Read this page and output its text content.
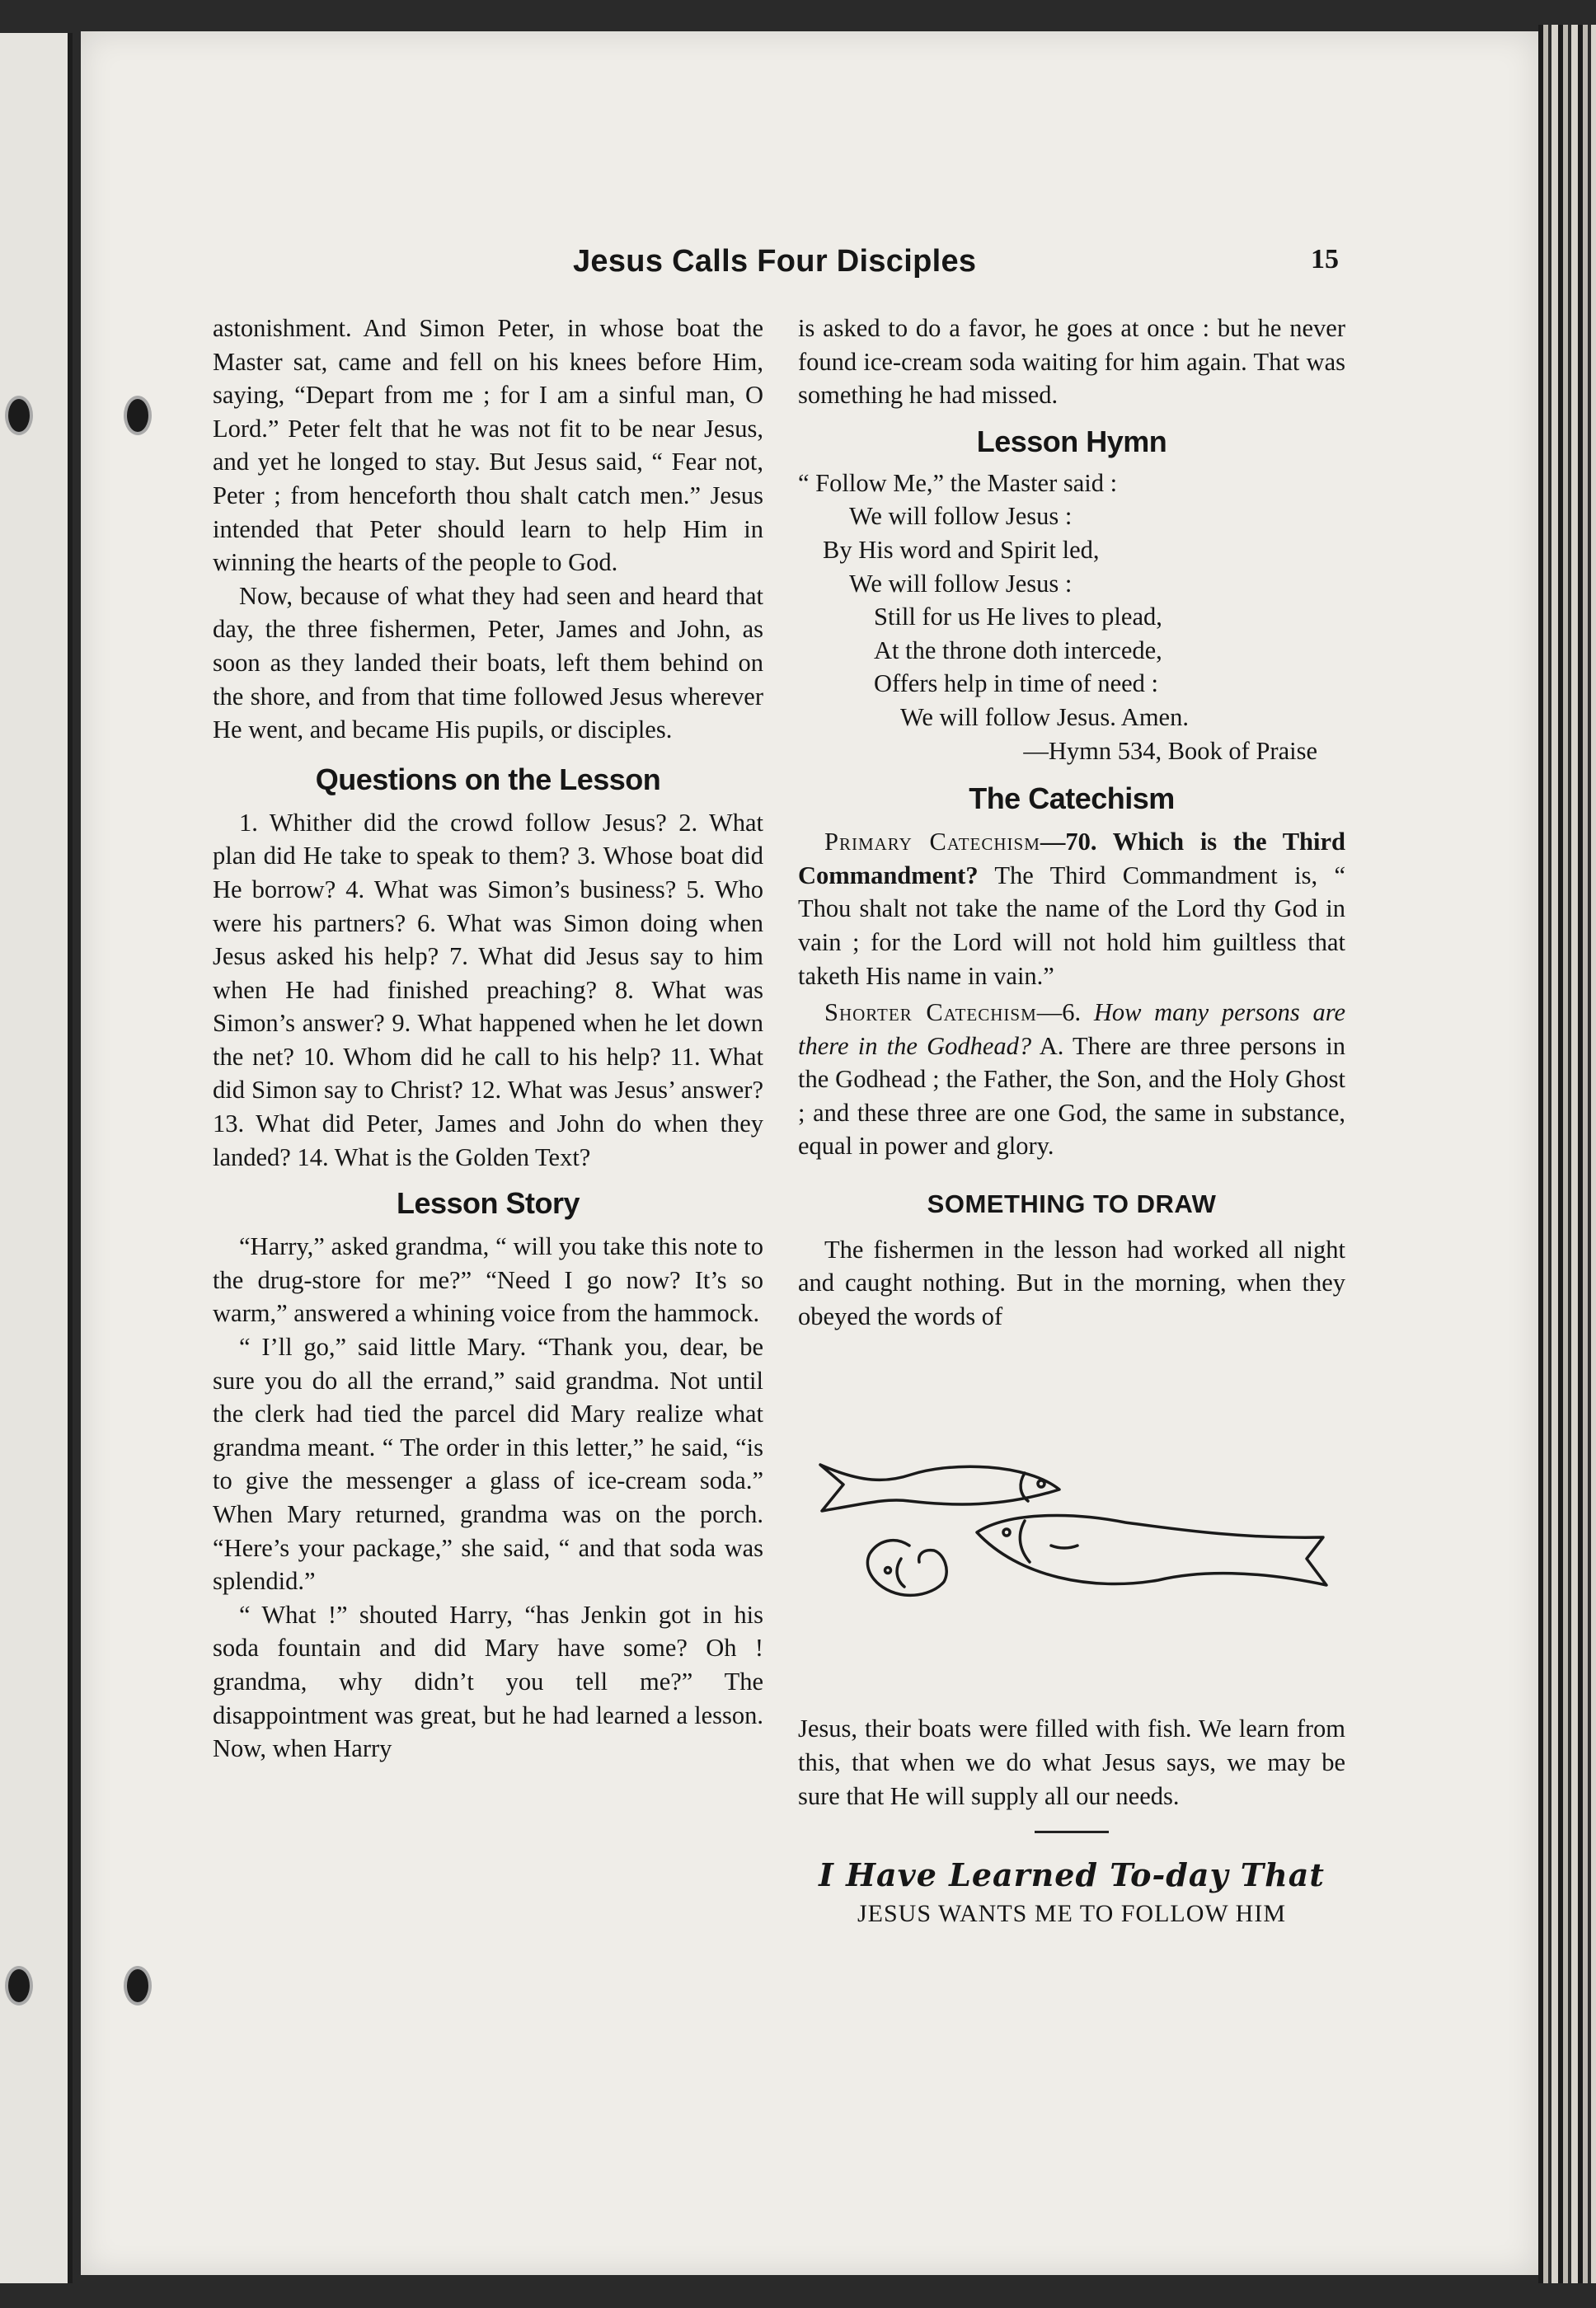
Jesus Calls Four Disciples	15

astonishment. And Simon Peter, in whose boat the Master sat, came and fell on his knees before Him, saying, “Depart from me ; for I am a sinful man, O Lord.” Peter felt that he was not fit to be near Jesus, and yet he longed to stay. But Jesus said, “ Fear not, Peter ; from henceforth thou shalt catch men.” Jesus intended that Peter should learn to help Him in winning the hearts of the people to God.

Now, because of what they had seen and heard that day, the three fishermen, Peter, James and John, as soon as they landed their boats, left them behind on the shore, and from that time followed Jesus wherever He went, and became His pupils, or disciples.

Questions on the Lesson

1. Whither did the crowd follow Jesus? 2. What plan did He take to speak to them? 3. Whose boat did He borrow? 4. What was Simon’s business? 5. Who were his partners? 6. What was Simon doing when Jesus asked his help? 7. What did Jesus say to him when He had finished preaching? 8. What was Simon’s answer? 9. What happened when he let down the net? 10. Whom did he call to his help? 11. What did Simon say to Christ? 12. What was Jesus’ answer? 13. What did Peter, James and John do when they landed? 14. What is the Golden Text?

Lesson Story

“Harry,” asked grandma, “ will you take this note to the drug-store for me?” “Need I go now? It’s so warm,” answered a whining voice from the hammock.

“ I’ll go,” said little Mary. “Thank you, dear, be sure you do all the errand,” said grandma. Not until the clerk had tied the parcel did Mary realize what grandma meant. “ The order in this letter,” he said, “is to give the messenger a glass of ice-cream soda.” When Mary returned, grandma was on the porch. “Here’s your package,” she said, “ and that soda was splendid.”

“ What !” shouted Harry, “has Jenkin got in his soda fountain and did Mary have some? Oh ! grandma, why didn’t you tell me?” The disappointment was great, but he had learned a lesson. Now, when Harry

is asked to do a favor, he goes at once : but he never found ice-cream soda waiting for him again. That was something he had missed.

Lesson Hymn
“ Follow Me,” the Master said :
We will follow Jesus :
By His word and Spirit led,
We will follow Jesus :
Still for us He lives to plead,
At the throne doth intercede,
Offers help in time of need :
We will follow Jesus. Amen.
—Hymn 534, Book of Praise
The Catechism

Primary Catechism—70. Which is the Third Commandment? The Third Commandment is, “ Thou shalt not take the name of the Lord thy God in vain ; for the Lord will not hold him guiltless that taketh His name in vain.”

Shorter Catechism—6. How many persons are there in the Godhead? A. There are three persons in the Godhead ; the Father, the Son, and the Holy Ghost ; and these three are one God, the same in substance, equal in power and glory.

SOMETHING TO DRAW

The fishermen in the lesson had worked all night and caught nothing. But in the morning, when they obeyed the words of

Jesus, their boats were filled with fish. We learn from this, that when we do what Jesus says, we may be sure that He will supply all our needs.

I Have Learned To-day That
JESUS WANTS ME TO FOLLOW HIM
